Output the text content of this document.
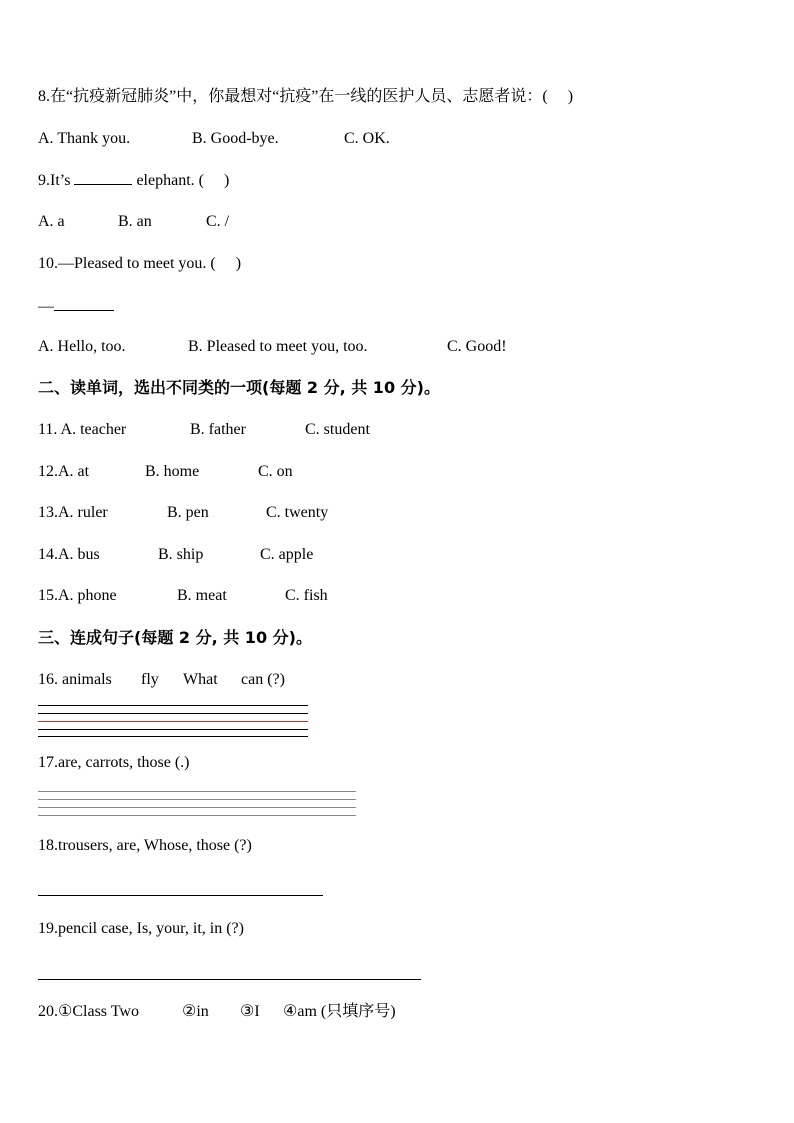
8.在“抗疫新冠肺炎”中，你最想对“抗疫”在一线的医护人员、志愿者说：(　 )
A. Thank you.	B. Good-bye.	C. OK.
9.It’s	elephant. (　 )
A. a	B. an	C. /
10.—Pleased to meet you. (　 )
—
A. Hello, too.	B. Pleased to meet you, too.	C. Good!
二、读单词，选出不同类的一项(每题 2 分, 共 10 分)。
11. A. teacher	B. father	C. student
12.A. at	B. home	C. on
13.A. ruler	B. pen	C. twenty
14.A. bus	B. ship	C. apple
15.A. phone	B. meat	C. fish
三、连成句子(每题 2 分, 共 10 分)。
16. animals fly What can (?)
17.are, carrots, those (.)
18.trousers, are, Whose, those (?)
19.pencil case, Is, your, it, in (?)
20.①Class Two	②in ③I ④am (只填序号)
